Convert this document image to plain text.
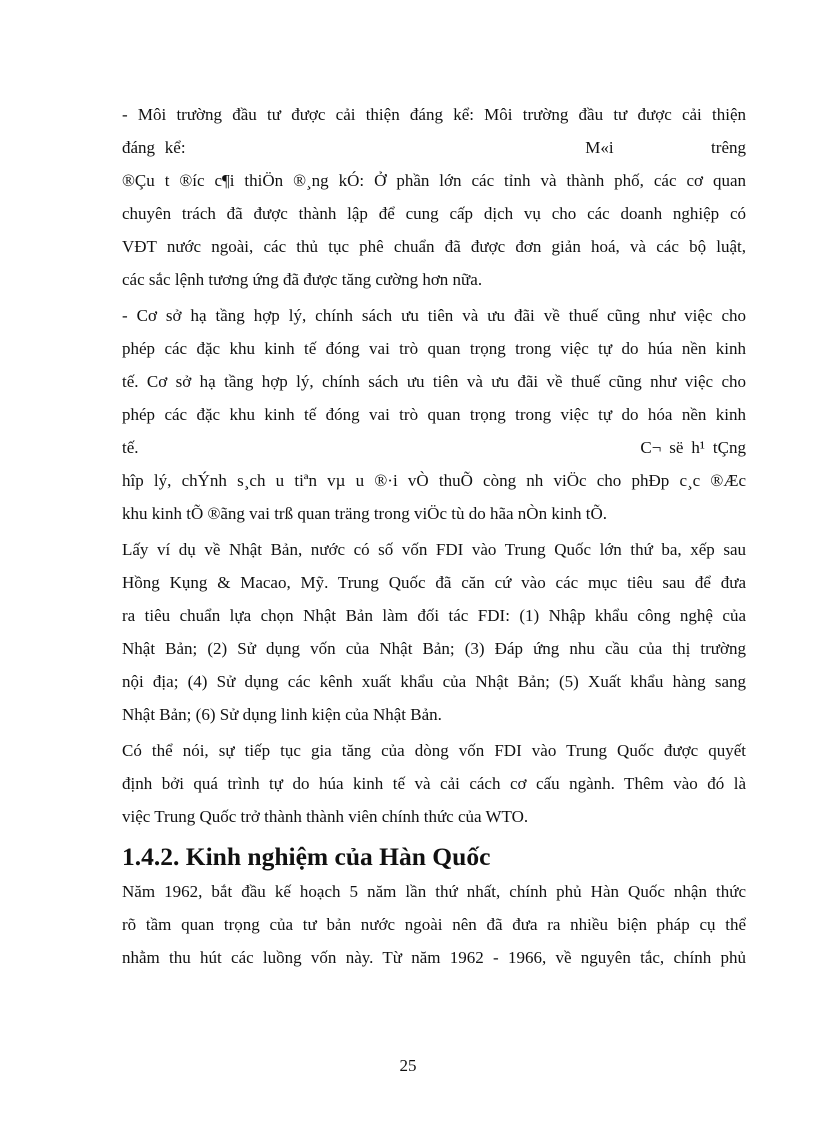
- Môi trường đầu tư được cải thiện đáng kể: Môi trường đầu tư được cải thiện
đáng kể:                                         M«i          trêng
®Çu t ®íc c¶i thiÖn ®¸ng kÓ: Ở phần lớn các tỉnh và thành phố, các cơ quan
chuyên trách đã được thành lập để cung cấp dịch vụ cho các doanh nghiệp có
VĐT nước ngoài, các thủ tục phê chuẩn đã được đơn giản hoá, và các bộ luật,
các sắc lệnh tương ứng đã được tăng cường hơn nữa.

- Cơ sở hạ tầng hợp lý, chính sách ưu tiên và ưu đãi về thuế cũng như việc cho
phép các đặc khu kinh tế đóng vai trò quan trọng trong việc tự do húa nền kinh
tế. Cơ sở hạ tầng hợp lý, chính sách ưu tiên và ưu đãi về thuế cũng như việc cho
phép các đặc khu kinh tế đóng vai trò quan trọng trong việc tự do hóa nền kinh
tế.                                                               C¬ së h¹ tÇng
hîp lý, chÝnh s¸ch u tiªn vµ u ®·i vÒ thuÕ còng nh viÖc cho phÐp c¸c ®Æc
khu kinh tÕ ®ãng vai trß quan träng trong viÖc tù do hãa nÒn kinh tÕ.

Lấy ví dụ về Nhật Bản, nước có số vốn FDI vào Trung Quốc lớn thứ ba, xếp sau
Hồng Kụng & Macao, Mỹ. Trung Quốc đã căn cứ vào các mục tiêu sau để đưa
ra tiêu chuẩn lựa chọn Nhật Bản làm đối tác FDI: (1) Nhập khẩu công nghệ của
Nhật Bản; (2) Sử dụng vốn của Nhật Bản; (3) Đáp ứng nhu cầu của thị trường
nội địa; (4) Sử dụng các kênh xuất khẩu của Nhật Bản; (5) Xuất khẩu hàng sang
Nhật Bản; (6) Sử dụng linh kiện của Nhật Bản.

Có thể nói, sự tiếp tục gia tăng của dòng vốn FDI vào Trung Quốc được quyết
định bởi quá trình tự do húa kinh tế và cải cách cơ cấu ngành. Thêm vào đó là
việc Trung Quốc trở thành thành viên chính thức của WTO.

1.4.2. Kinh nghiệm của Hàn Quốc

Năm 1962, bắt đầu kế hoạch 5 năm lần thứ nhất, chính phủ Hàn Quốc nhận thức
rõ tầm quan trọng của tư bản nước ngoài nên đã đưa ra nhiều biện pháp cụ thể
nhằm thu hút các luồng vốn này. Từ năm 1962 - 1966, về nguyên tắc, chính phủ

25
